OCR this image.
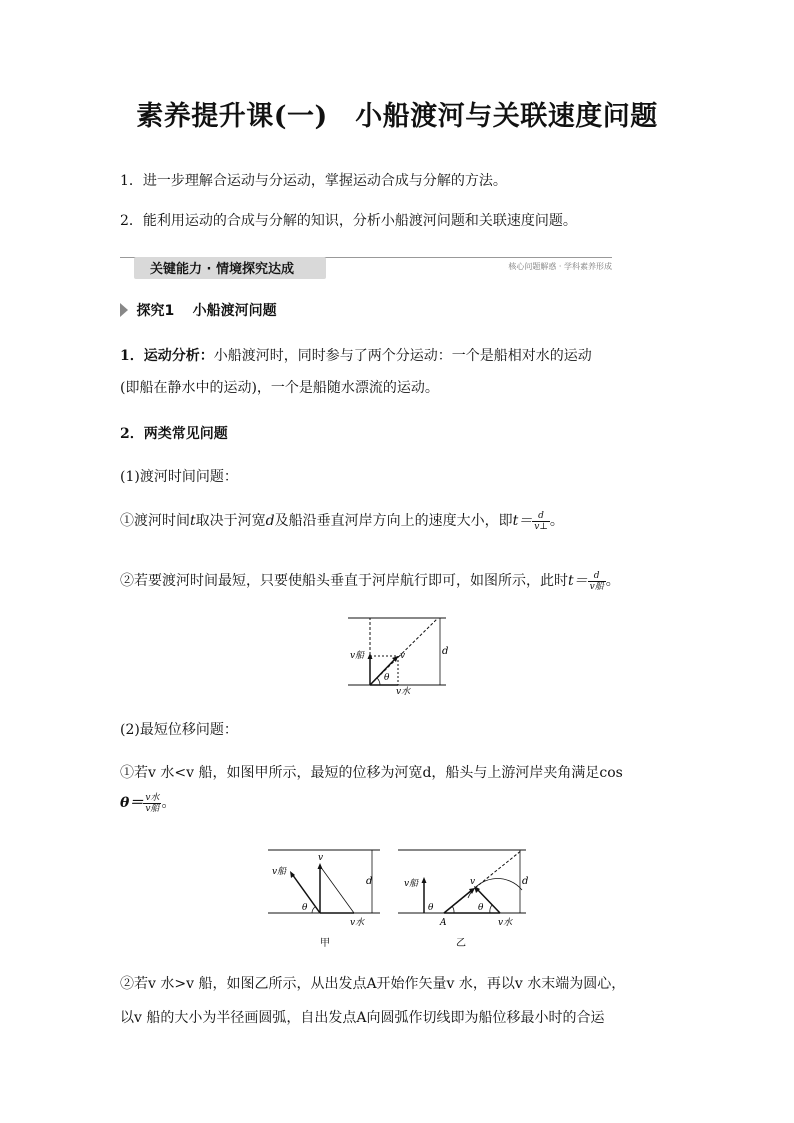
素养提升课(一)　小船渡河与关联速度问题
1．进一步理解合运动与分运动，掌握运动合成与分解的方法。
2．能利用运动的合成与分解的知识，分析小船渡河问题和关联速度问题。
关键能力 · 情境探究达成	核心问题解惑 · 学科素养形成
探究1 小船渡河问题
1．运动分析：小船渡河时，同时参与了两个分运动：一个是船相对水的运动
(即船在静水中的运动)，一个是船随水漂流的运动。
2．两类常见问题
(1)渡河时间问题：
①渡河时间t取决于河宽d及船沿垂直河岸方向上的速度大小，即$t= \frac{d}{v\perp}$ 。
②若要渡河时间最短，只要使船头垂直于河岸航行即可，如图所示，此时$t= \frac{d}{\text{v船}}$ 。
v船	v
θ
v水
d
(2)最短位移问题：
①若v 水<v 船，如图甲所示，最短的位移为河宽d，船头与上游河岸夹角满足cos
$\theta= \frac{\text{v水}}{\text{v船}}$ 。
v船
v
θ
v水
d
甲
v船	v
θ	θ
A	v水
d
乙
②若v 水>v 船，如图乙所示，从出发点A开始作矢量v 水，再以v 水末端为圆心，
以v 船的大小为半径画圆弧，自出发点A向圆弧作切线即为船位移最小时的合运
